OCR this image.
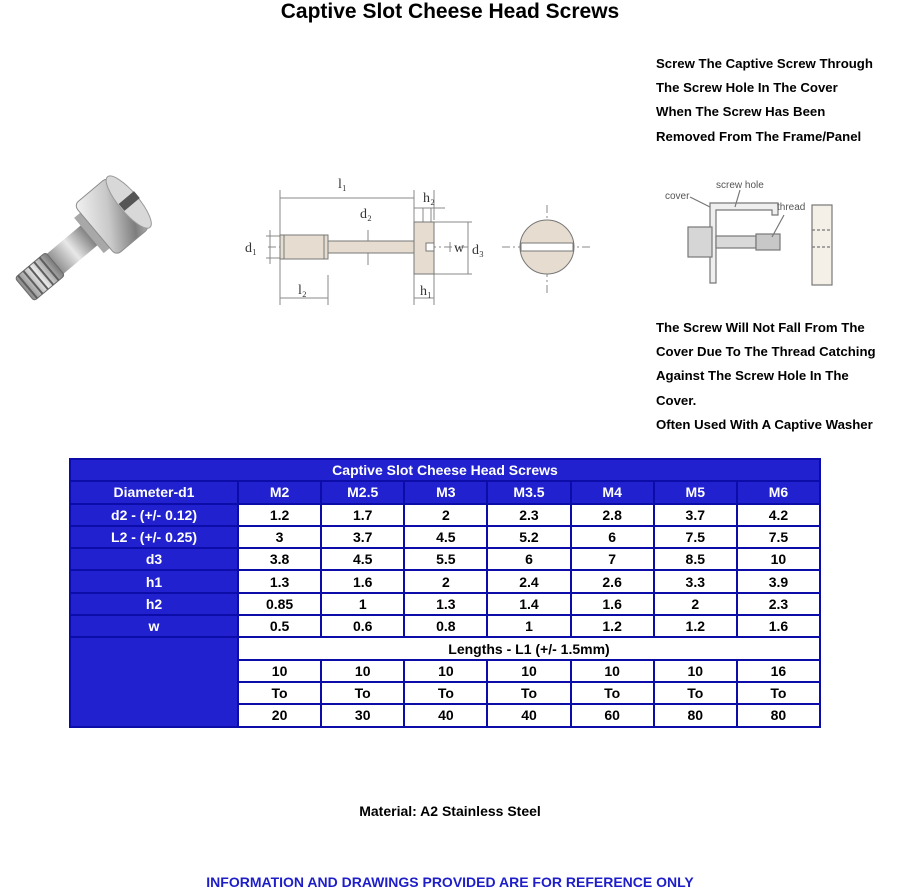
Captive Slot Cheese Head Screws
l₁
l₂
d₁
d₂
d₃
h₁
h₂
w
cover
screw hole
thread
Screw The Captive Screw Through
The Screw Hole In The Cover
When The Screw Has Been
Removed From The Frame/Panel
The Screw Will Not Fall From The
Cover Due To The Thread Catching
Against The Screw Hole In The
Cover.
Often Used With A Captive Washer
Captive Slot Cheese Head Screws							
Diameter-d1	M2	M2.5	M3	M3.5	M4	M5	M6
d2 - (+/- 0.12)	1.2	1.7	2	2.3	2.8	3.7	4.2
L2 - (+/- 0.25)	3	3.7	4.5	5.2	6	7.5	7.5
d3	3.8	4.5	5.5	6	7	8.5	10
h1	1.3	1.6	2	2.4	2.6	3.3	3.9
h2	0.85	1	1.3	1.4	1.6	2	2.3
w	0.5	0.6	0.8	1	1.2	1.2	1.6
	Lengths - L1 (+/- 1.5mm)						
	10	10	10	10	10	10	16
	To	To	To	To	To	To	To
	20	30	40	40	60	80	80
Material: A2 Stainless Steel
INFORMATION AND DRAWINGS PROVIDED ARE FOR REFERENCE ONLY
